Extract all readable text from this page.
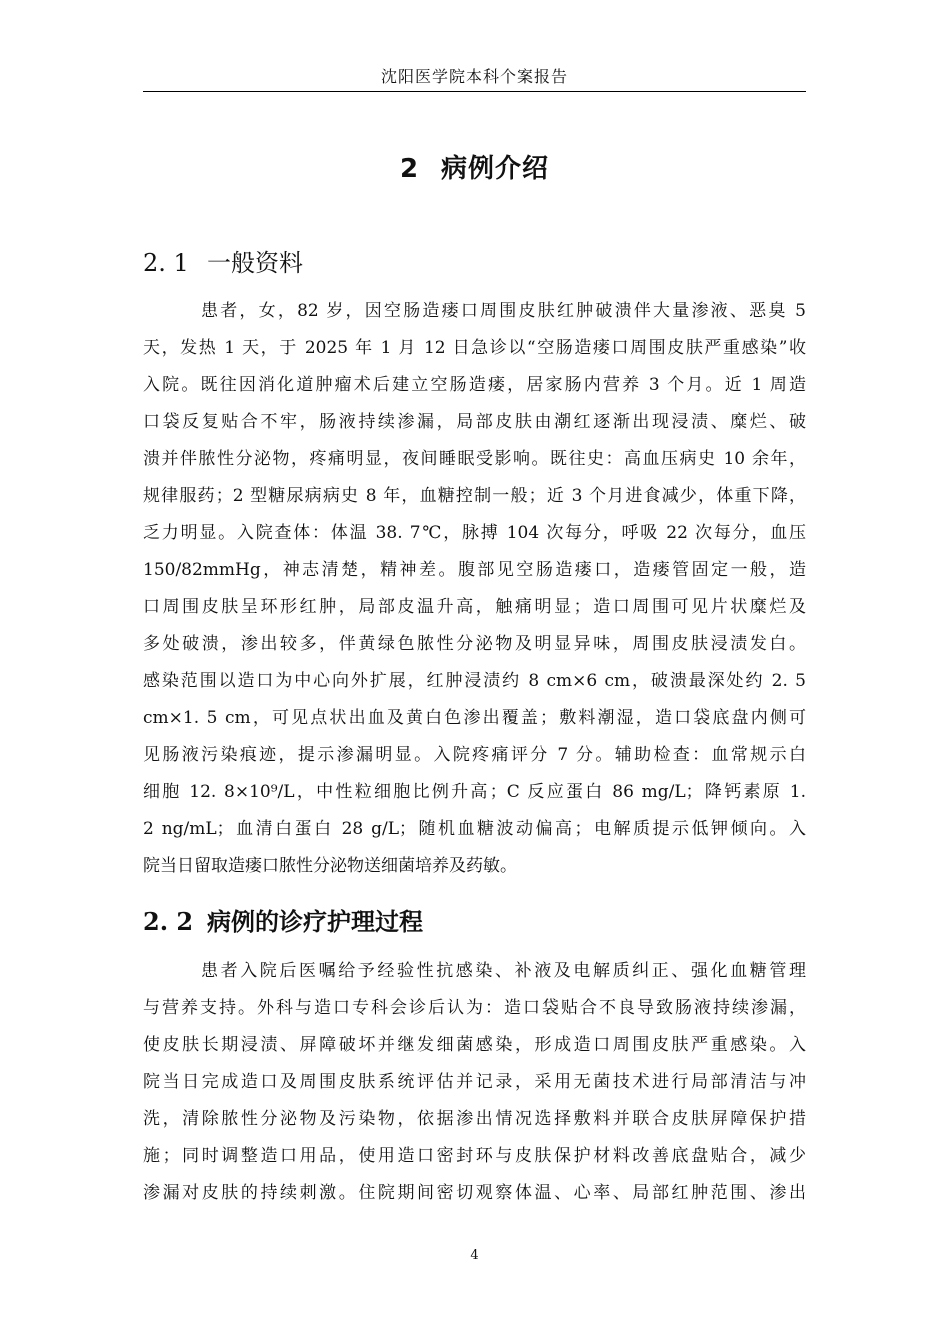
沈阳医学院本科个案报告
2 病例介绍
2. 1 一般资料
患者，女，82 岁，因空肠造瘘口周围皮肤红肿破溃伴大量渗液、恶臭 5
天，发热 1 天，于 2025 年 1 月 12 日急诊以“空肠造瘘口周围皮肤严重感染”收
入院。既往因消化道肿瘤术后建立空肠造瘘，居家肠内营养 3 个月。近 1 周造
口袋反复贴合不牢，肠液持续渗漏，局部皮肤由潮红逐渐出现浸渍、糜烂、破
溃并伴脓性分泌物，疼痛明显，夜间睡眠受影响。既往史：高血压病史 10 余年，
规律服药；2 型糖尿病病史 8 年，血糖控制一般；近 3 个月进食减少，体重下降，
乏力明显。入院查体：体温 38. 7℃，脉搏 104 次每分，呼吸 22 次每分，血压
150/82mmHg，神志清楚，精神差。腹部见空肠造瘘口，造瘘管固定一般，造
口周围皮肤呈环形红肿，局部皮温升高，触痛明显；造口周围可见片状糜烂及
多处破溃，渗出较多，伴黄绿色脓性分泌物及明显异味，周围皮肤浸渍发白。
感染范围以造口为中心向外扩展，红肿浸渍约 8 cm×6 cm，破溃最深处约 2. 5
cm×1. 5 cm，可见点状出血及黄白色渗出覆盖；敷料潮湿，造口袋底盘内侧可
见肠液污染痕迹，提示渗漏明显。入院疼痛评分 7 分。辅助检查：血常规示白
细胞 12. 8×10⁹/L，中性粒细胞比例升高；C 反应蛋白 86 mg/L；降钙素原 1.
2 ng/mL；血清白蛋白 28 g/L；随机血糖波动偏高；电解质提示低钾倾向。入
院当日留取造瘘口脓性分泌物送细菌培养及药敏。
2. 2 病例的诊疗护理过程
患者入院后医嘱给予经验性抗感染、补液及电解质纠正、强化血糖管理
与营养支持。外科与造口专科会诊后认为：造口袋贴合不良导致肠液持续渗漏，
使皮肤长期浸渍、屏障破坏并继发细菌感染，形成造口周围皮肤严重感染。入
院当日完成造口及周围皮肤系统评估并记录，采用无菌技术进行局部清洁与冲
洗，清除脓性分泌物及污染物，依据渗出情况选择敷料并联合皮肤屏障保护措
施；同时调整造口用品，使用造口密封环与皮肤保护材料改善底盘贴合，减少
渗漏对皮肤的持续刺激。住院期间密切观察体温、心率、局部红肿范围、渗出
4
